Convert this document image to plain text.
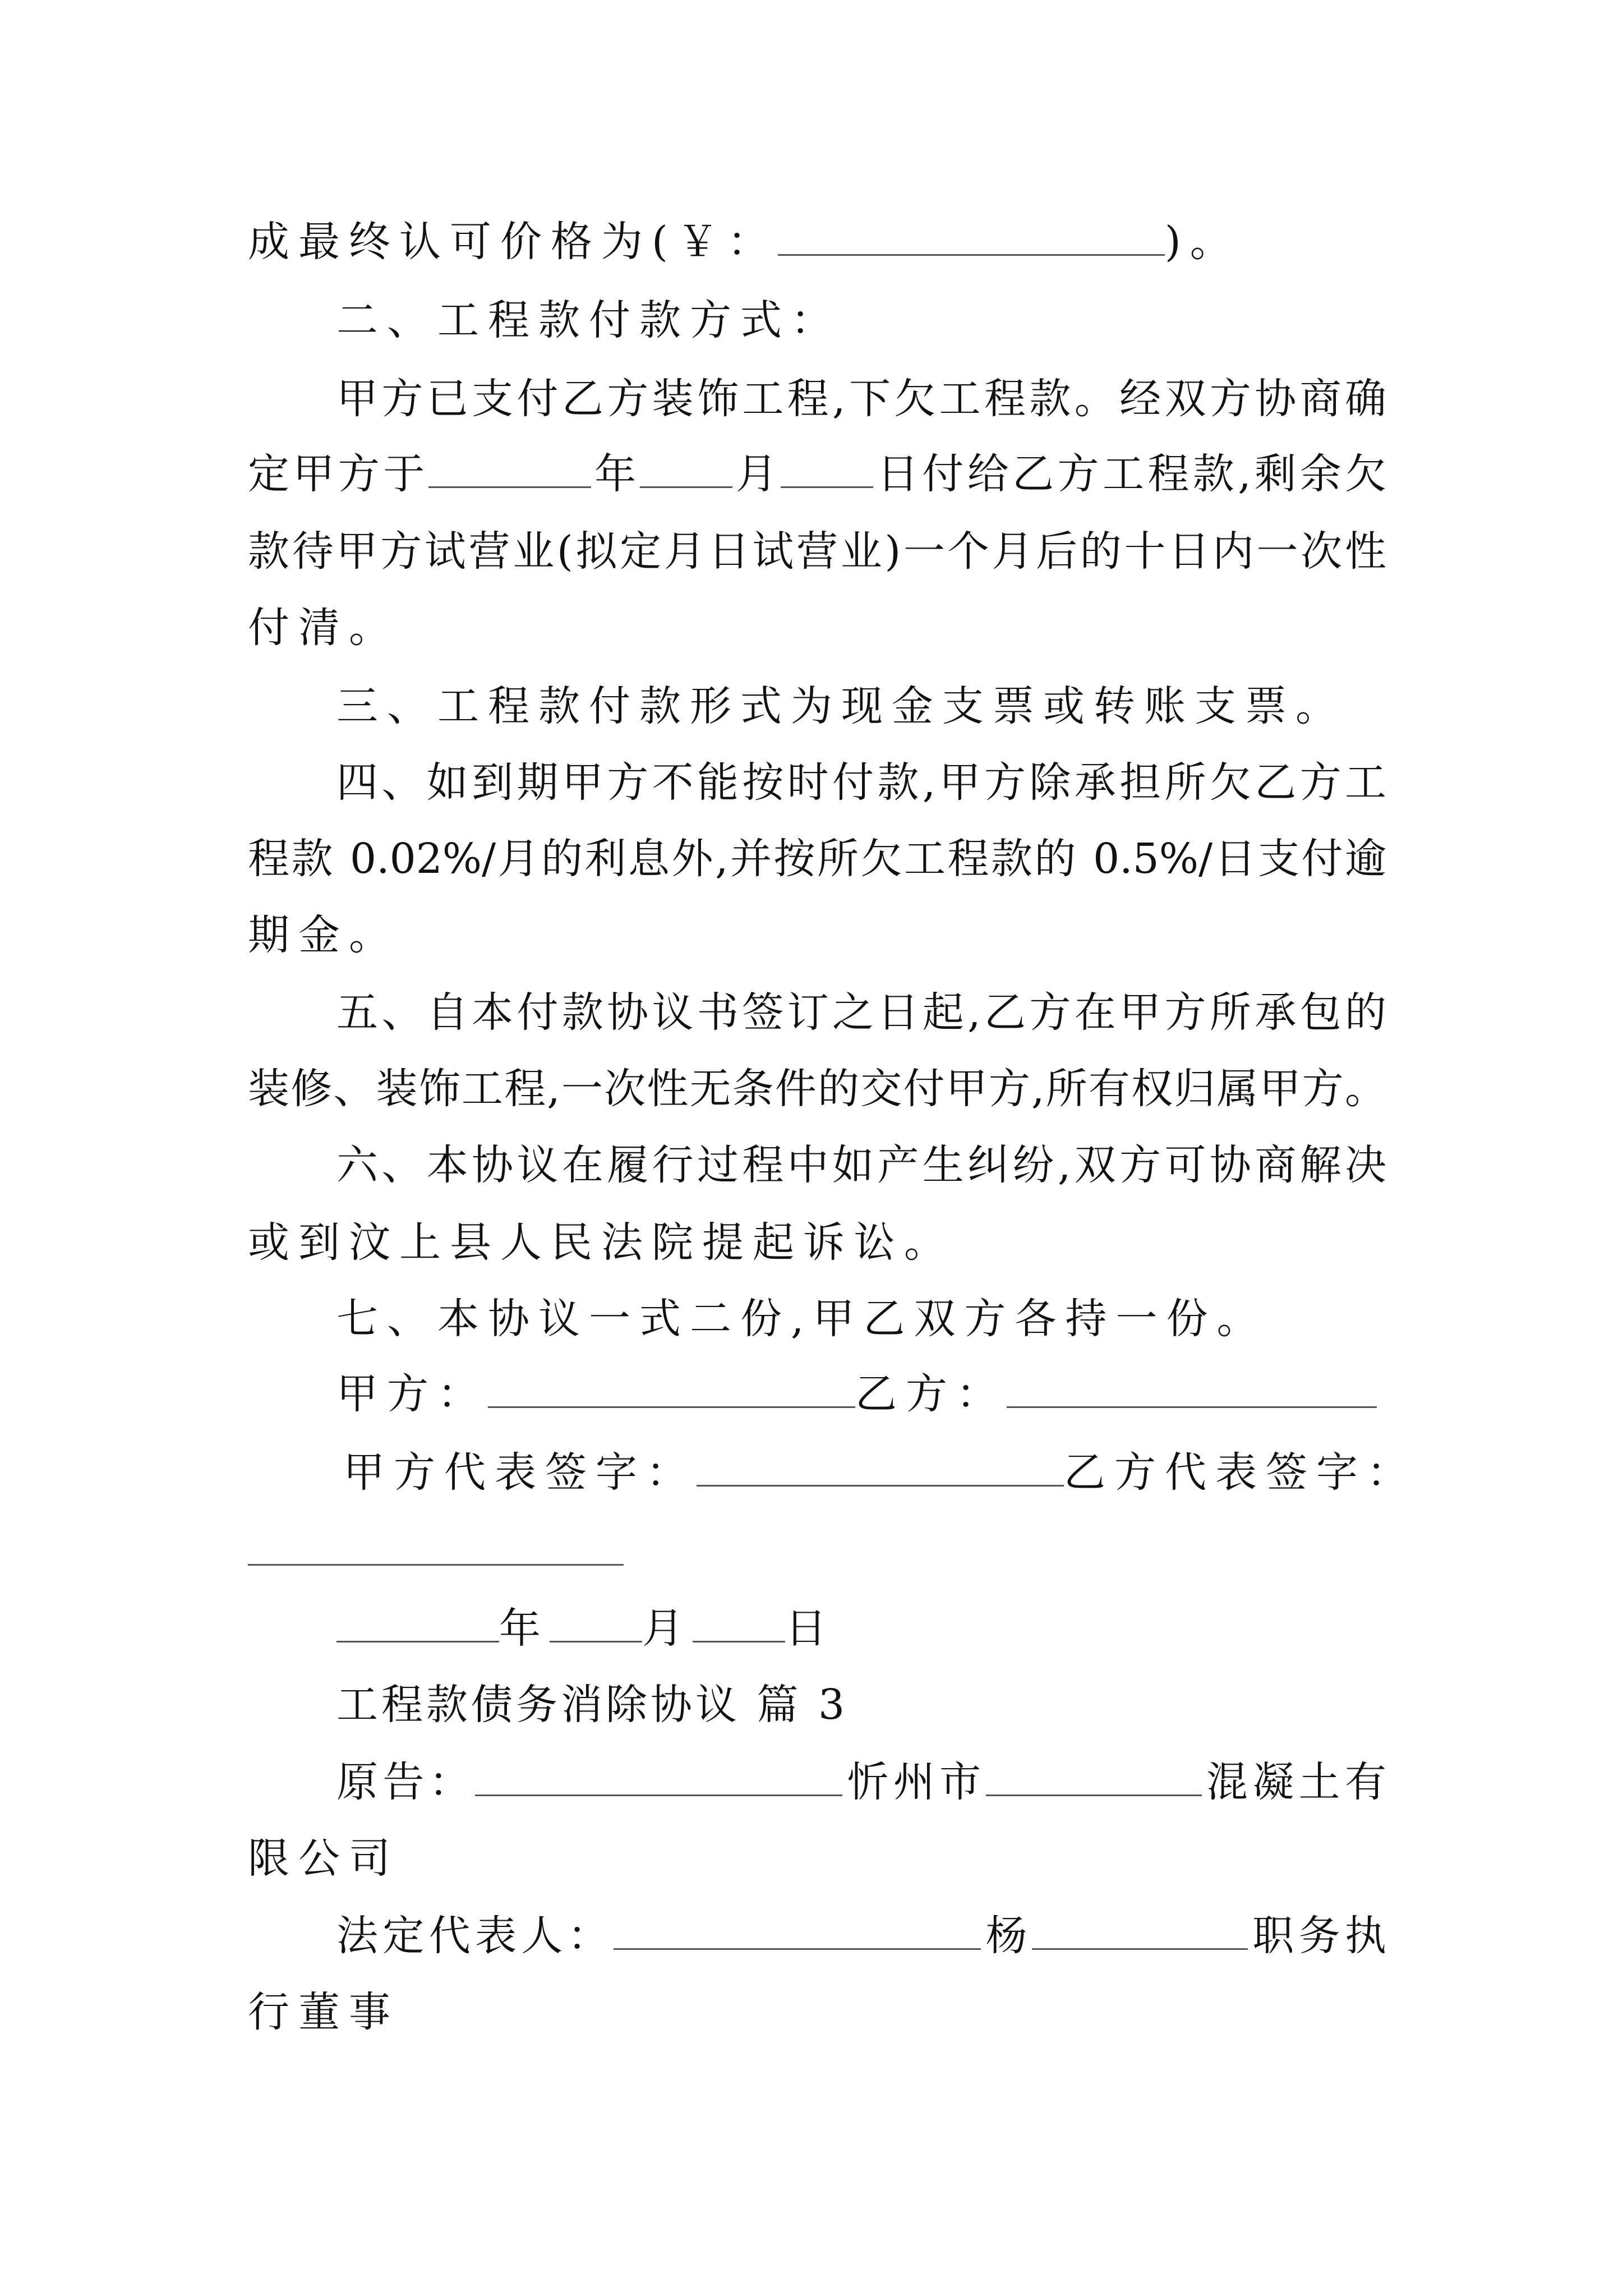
成最终认可价格为(￥：	)。
二、工程款付款方式：
甲方已支付乙方装饰工程,下欠工程款。经双方协商确
定甲方于	年 月 日付给乙方工程款,剩余欠
款待甲方试营业(拟定月日试营业)一个月后的十日内一次性
付清。
三、工程款付款形式为现金支票或转账支票。
四、如到期甲方不能按时付款,甲方除承担所欠乙方工
程款 0.02%/月的利息外,并按所欠工程款的 0.5%/日支付逾
期金。
五、自本付款协议书签订之日起,乙方在甲方所承包的
装修、装饰工程,一次性无条件的交付甲方,所有权归属甲方。
六、本协议在履行过程中如产生纠纷,双方可协商解决
或到汶上县人民法院提起诉讼。
七、本协议一式二份,甲乙双方各持一份。
甲方：	乙方：
甲方代表签字：	乙方代表签字：
年 月 日
工程款债务消除协议 篇 3
原告：	忻州市	混凝土有
限公司
法定代表人：	杨	职务执
行董事
